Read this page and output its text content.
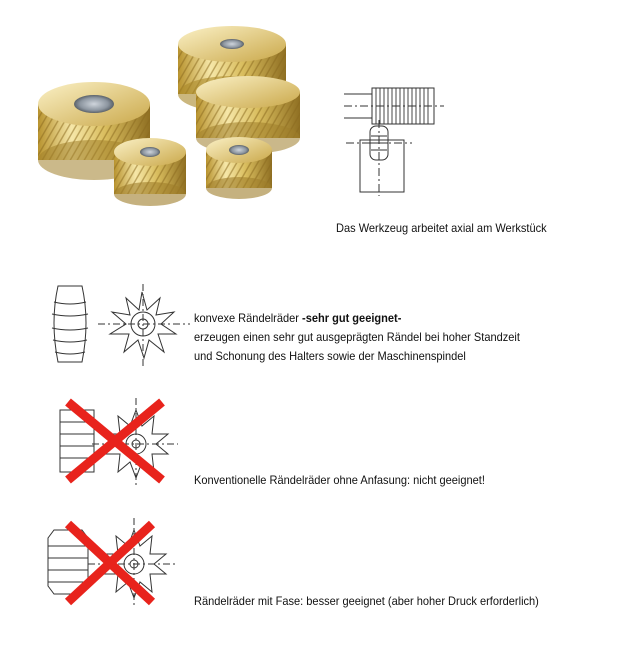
Das Werkzeug arbeitet axial am Werkstück
konvexe Rändelräder -sehr gut geeignet-
erzeugen einen sehr gut ausgeprägten Rändel bei hoher Standzeit
und Schonung des Halters sowie der Maschinenspindel
Konventionelle Rändelräder ohne Anfasung: nicht geeignet!
Rändelräder mit Fase: besser geeignet (aber hoher Druck erforderlich)
